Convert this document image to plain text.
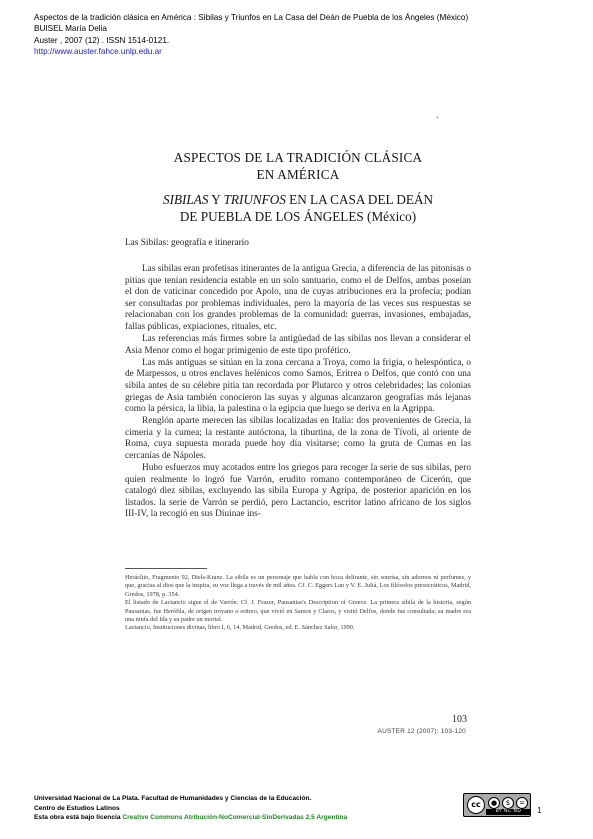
Aspectos de la tradición clásica en América : Sibilas y Triunfos en La Casa del Deán de Puebla de los Ángeles (México)
BUISEL María Delia
Auster , 2007 (12) . ISSN 1514-0121.
http://www.auster.fahce.unlp.edu.ar
ASPECTOS DE LA TRADICIÓN CLÁSICA
EN AMÉRICA
SIBILAS Y TRIUNFOS EN LA CASA DEL DEÁN
DE PUEBLA DE LOS ÁNGELES (México)
Las Sibilas: geografía e itinerario

Las sibilas eran profetisas itinerantes de la antigua Grecia, a diferencia de las pitonisas o pitias que tenían residencia estable en un solo santuario, como el de Delfos, ambas poseían el don de vaticinar concedido por Apolo, una de cuyas atribuciones era la profecía; podían ser consultadas por problemas individuales, pero la mayoría de las veces sus respuestas se relacionaban con los grandes problemas de la comunidad: guerras, invasiones, embajadas, fallas públicas, expiaciones, rituales, etc.

Las referencias más firmes sobre la antigüedad de las sibilas nos llevan a considerar el Asia Menor como el hogar primigenio de este tipo profético.

Las más antiguas se sitúan en la zona cercana a Troya, como la frigia, o helespóntica, o de Marpessos, u otros enclaves helénicos como Samos, Eritrea o Delfos, que contó con una sibila antes de su célebre pitia tan recordada por Plutarco y otros celebridades; las colonias griegas de Asia también conocieron las suyas y algunas alcanzaron geografías más lejanas como la pérsica, la libia, la palestina o la egipcia que luego se deriva en la Agrippa.

Renglón aparte merecen las sibilas localizadas en Italia: dos provenientes de Grecia, la cimeria y la cumea; la restante autóctona, la tiburtina, de la zona de Tívoli, al oriente de Roma, cuya supuesta morada puede hoy día visitarse; como la gruta de Cumas en las cercanías de Nápoles.

Hubo esfuerzos muy acotados entre los griegos para recoger la serie de sus sibilas, pero quien realmente lo logró fue Varrón, erudito romano contemporáneo de Cicerón, que catalogó diez sibilas, excluyendo las sibila Europa y Agripa, de posterior aparición en los listados. la serie de Varrón se perdió, pero Lactancio, escritor latino africano de los siglos III-IV, la recogió en sus Diuinae ins-

Heráclito, Fragmento 92, Diels-Kranz. La sibila es un personaje que habla con boca delirante, sin sonrisa, sin adornos ni perfumes, y que, gracias al dios que la inspira, su voz llega a través de mil años. Cf. C. Eggers Lan y V. E. Juliá, Los filósofos presocráticos, Madrid, Gredos, 1978, p. 354.

El listado de Lactancio sigue el de Varrón. Cf. J. Frazer, Pausanias's Description of Greece. La primera sibila de la historia, según Pausanias, fue Herófila, de origen troyano o eritreo, que vivió en Samos y Claros, y visitó Delfos, donde fue consultada; su madre era una ninfa del Ida y su padre un mortal.

Lactancio, Instituciones divinas, libro I, 6, 14, Madrid, Gredos, ed. E. Sánchez Salor, 1990.

103
AUSTER 12 (2007): 103-120
Universidad Nacional de La Plata. Facultad de Humanidades y Ciencias de la Educación.
Centro de Estudios Latinos
Esta obra está bajo licencia Creative Commons Atribución-NoComercial-SinDerivadas 2.5 Argentina
cc	●	$	=
BY NC ND	1
